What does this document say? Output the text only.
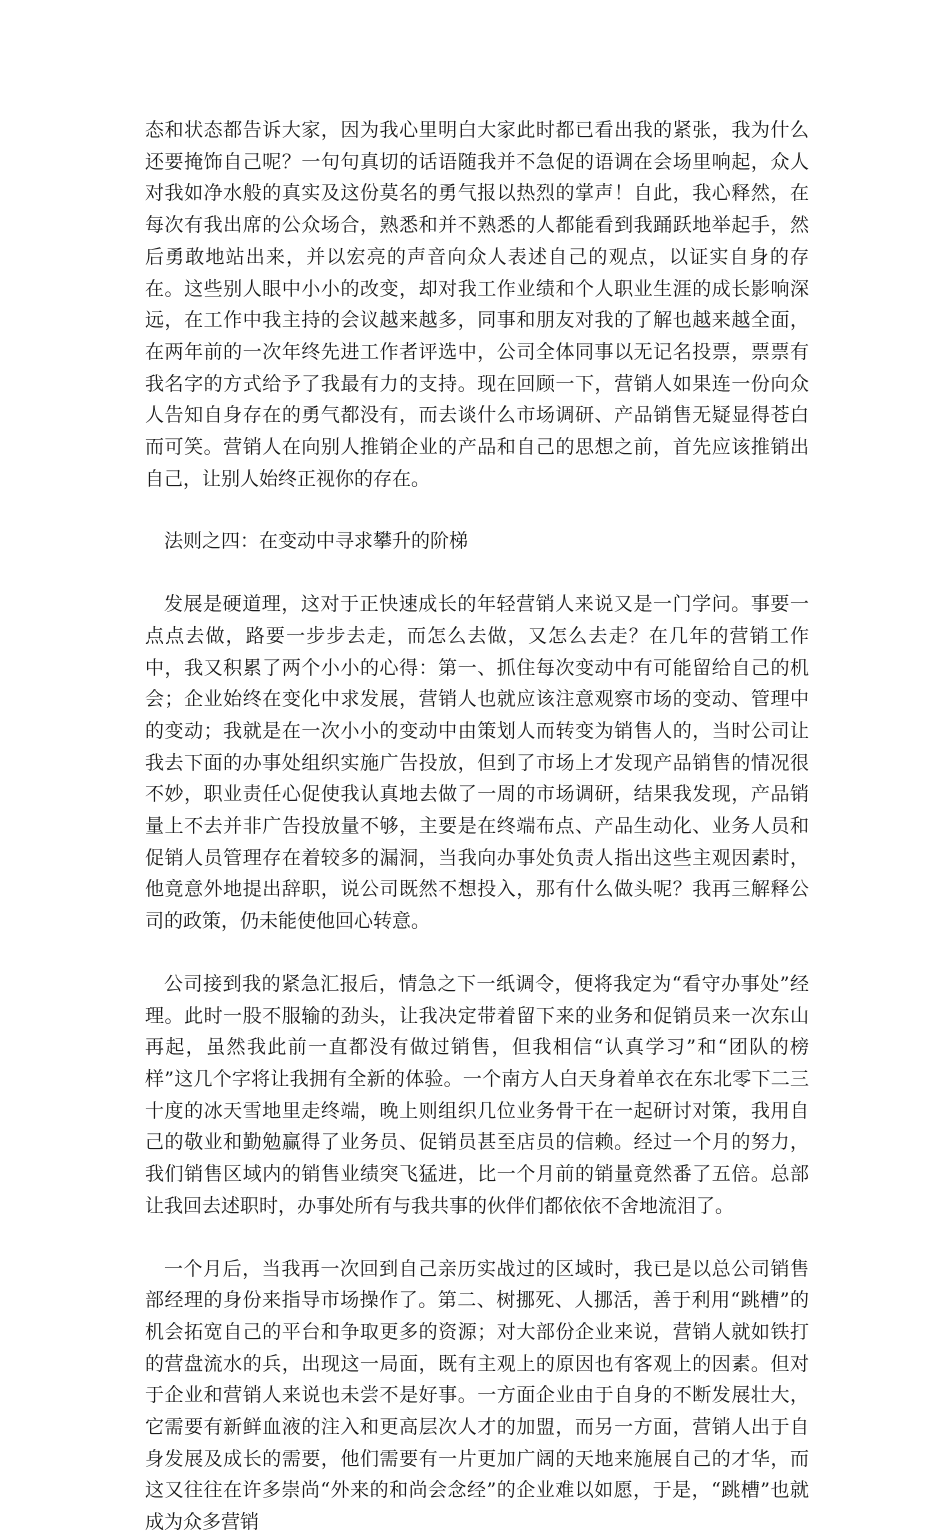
态和状态都告诉大家，因为我心里明白大家此时都已看出我的紧张，我为什么还要掩饰自己呢？一句句真切的话语随我并不急促的语调在会场里响起，众人对我如净水般的真实及这份莫名的勇气报以热烈的掌声！自此，我心释然，在每次有我出席的公众场合，熟悉和并不熟悉的人都能看到我踊跃地举起手，然后勇敢地站出来，并以宏亮的声音向众人表述自己的观点，以证实自身的存在。这些别人眼中小小的改变，却对我工作业绩和个人职业生涯的成长影响深远，在工作中我主持的会议越来越多，同事和朋友对我的了解也越来越全面，在两年前的一次年终先进工作者评选中，公司全体同事以无记名投票，票票有我名字的方式给予了我最有力的支持。现在回顾一下，营销人如果连一份向众人告知自身存在的勇气都没有，而去谈什么市场调研、产品销售无疑显得苍白而可笑。营销人在向别人推销企业的产品和自己的思想之前，首先应该推销出自己，让别人始终正视你的存在。

法则之四：在变动中寻求攀升的阶梯

发展是硬道理，这对于正快速成长的年轻营销人来说又是一门学问。事要一点点去做，路要一步步去走，而怎么去做，又怎么去走？在几年的营销工作中，我又积累了两个小小的心得：第一、抓住每次变动中有可能留给自己的机会；企业始终在变化中求发展，营销人也就应该注意观察市场的变动、管理中的变动；我就是在一次小小的变动中由策划人而转变为销售人的，当时公司让我去下面的办事处组织实施广告投放，但到了市场上才发现产品销售的情况很不妙，职业责任心促使我认真地去做了一周的市场调研，结果我发现，产品销量上不去并非广告投放量不够，主要是在终端布点、产品生动化、业务人员和促销人员管理存在着较多的漏洞，当我向办事处负责人指出这些主观因素时，他竟意外地提出辞职，说公司既然不想投入，那有什么做头呢？我再三解释公司的政策，仍未能使他回心转意。

公司接到我的紧急汇报后，情急之下一纸调令，便将我定为“看守办事处”经理。此时一股不服输的劲头，让我决定带着留下来的业务和促销员来一次东山再起，虽然我此前一直都没有做过销售，但我相信“认真学习”和“团队的榜样”这几个字将让我拥有全新的体验。一个南方人白天身着单衣在东北零下二三十度的冰天雪地里走终端，晚上则组织几位业务骨干在一起研讨对策，我用自己的敬业和勤勉赢得了业务员、促销员甚至店员的信赖。经过一个月的努力，我们销售区域内的销售业绩突飞猛进，比一个月前的销量竟然番了五倍。总部让我回去述职时，办事处所有与我共事的伙伴们都依依不舍地流泪了。

一个月后，当我再一次回到自己亲历实战过的区域时，我已是以总公司销售部经理的身份来指导市场操作了。第二、树挪死、人挪活，善于利用“跳槽”的机会拓宽自己的平台和争取更多的资源；对大部份企业来说，营销人就如铁打的营盘流水的兵，出现这一局面，既有主观上的原因也有客观上的因素。但对于企业和营销人来说也未尝不是好事。一方面企业由于自身的不断发展壮大，它需要有新鲜血液的注入和更高层次人才的加盟，而另一方面，营销人出于自身发展及成长的需要，他们需要有一片更加广阔的天地来施展自己的才华，而这又往往在许多崇尚“外来的和尚会念经”的企业难以如愿，于是，“跳槽”也就成为众多营销
